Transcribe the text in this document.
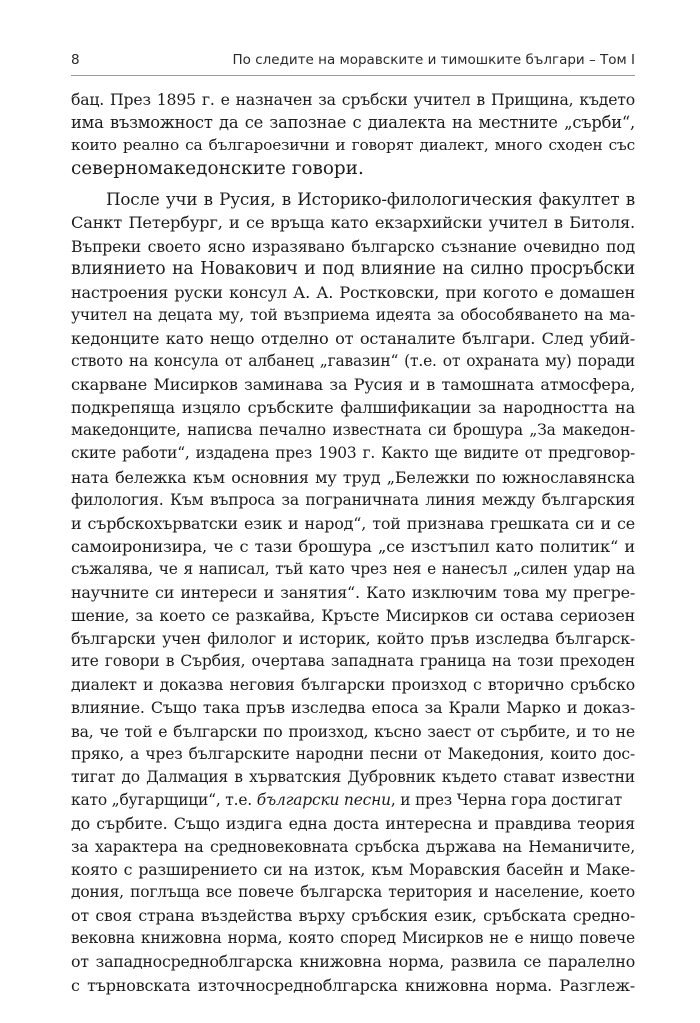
8	По следите на моравските и тимошките българи – Том I
бац. През 1895 г. е назначен за сръбски учител в Прищина, където
има възможност да се запознае с диалекта на местните „сърби“,
които реално са българоезични и говорят диалект, много сходен със
северномакедонските говори.
После учи в Русия, в Историко-филологическия факултет в
Санкт Петербург, и се връща като екзархийски учител в Битоля.
Въпреки своето ясно изразявано българско съзнание очевидно под
влиянието на Новакович и под влияние на силно просръбски
настроения руски консул А. А. Ростковски, при когото е домашен
учител на децата му, той възприема идеята за обособяването на ма-
кедонците като нещо отделно от останалите българи. След убий-
ството на консула от албанец „гавазин“ (т.е. от охраната му) поради
скарване Мисирков заминава за Русия и в тамошната атмосфера,
подкрепяща изцяло сръбските фалшификации за народността на
македонците, написва печално известната си брошура „За македон-
ските работи“, издадена през 1903 г. Както ще видите от предговор-
ната бележка към основния му труд „Бележки по южнославянска
филология. Към въпроса за пограничната линия между българския
и сърбскохърватски език и народ“, той признава грешката си и се
самоиронизира, че с тази брошура „се изстъпил като политик“ и
съжалява, че я написал, тъй като чрез нея е нанесъл „силен удар на
научните си интереси и занятия“. Като изключим това му прегре-
шение, за което се разкайва, Кръсте Мисирков си остава сериозен
български учен филолог и историк, който пръв изследва българск-
ите говори в Сърбия, очертава западната граница на този преходен
диалект и доказва неговия български произход с вторично сръбско
влияние. Също така пръв изследва епоса за Крали Марко и доказ-
ва, че той е български по произход, късно заест от сърбите, и то не
пряко, а чрез българските народни песни от Македония, които дос-
тигат до Далмация в хърватския Дубровник където стават известни
като „бугарщици“, т.е. български песни, и през Черна гора достигат
до сърбите. Също издига една доста интересна и правдива теория
за характера на средновековната сръбска държава на Неманичите,
която с разширението си на изток, към Моравския басейн и Маке-
дония, поглъща все повече българска територия и население, което
от своя страна въздейства върху сръбския език, сръбската средно-
вековна книжовна норма, която според Мисирков не е нищо повече
от западносредноблгарска книжовна норма, развила се паралелно
с търновската източносредноблгарска книжовна норма. Разглеж-
